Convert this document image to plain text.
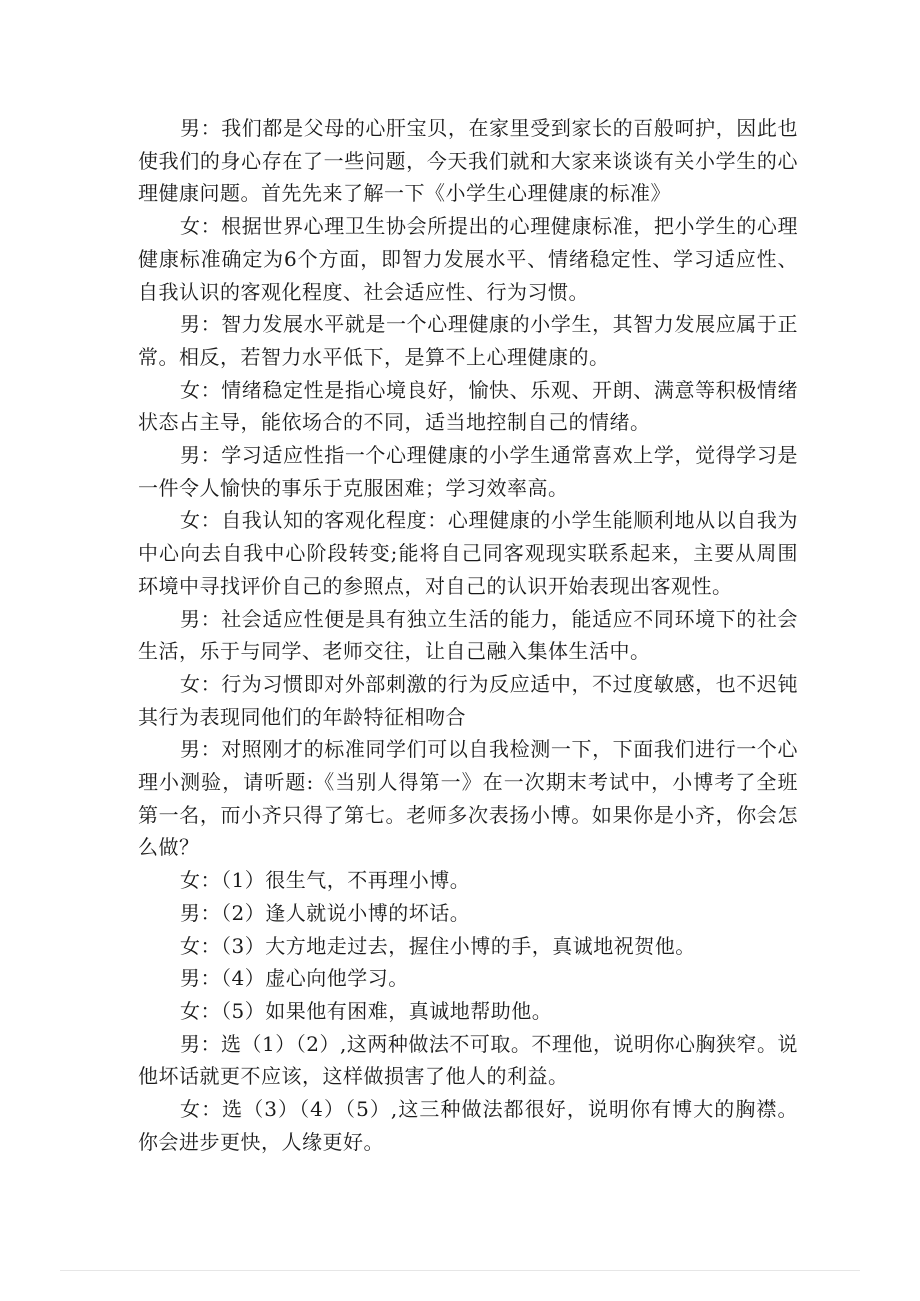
男：我们都是父母的心肝宝贝，在家里受到家长的百般呵护，因此也使我们的身心存在了一些问题，今天我们就和大家来谈谈有关小学生的心理健康问题。首先先来了解一下《小学生心理健康的标准》

女：根据世界心理卫生协会所提出的心理健康标准，把小学生的心理健康标准确定为6个方面，即智力发展水平、情绪稳定性、学习适应性、自我认识的客观化程度、社会适应性、行为习惯。

男：智力发展水平就是一个心理健康的小学生，其智力发展应属于正常。相反，若智力水平低下，是算不上心理健康的。

女：情绪稳定性是指心境良好，愉快、乐观、开朗、满意等积极情绪状态占主导，能依场合的不同，适当地控制自己的情绪。

男：学习适应性指一个心理健康的小学生通常喜欢上学，觉得学习是一件令人愉快的事乐于克服困难；学习效率高。

女：自我认知的客观化程度：心理健康的小学生能顺利地从以自我为中心向去自我中心阶段转变;能将自己同客观现实联系起来，主要从周围环境中寻找评价自己的参照点，对自己的认识开始表现出客观性。

男：社会适应性便是具有独立生活的能力，能适应不同环境下的社会生活，乐于与同学、老师交往，让自己融入集体生活中。

女：行为习惯即对外部刺激的行为反应适中，不过度敏感，也不迟钝其行为表现同他们的年龄特征相吻合

男：对照刚才的标准同学们可以自我检测一下，下面我们进行一个心理小测验，请听题:《当别人得第一》在一次期末考试中，小博考了全班第一名，而小齐只得了第七。老师多次表扬小博。如果你是小齐，你会怎么做？

女：（1）很生气，不再理小博。

男：（2）逢人就说小博的坏话。

女：（3）大方地走过去，握住小博的手，真诚地祝贺他。

男：（4）虚心向他学习。

女：（5）如果他有困难，真诚地帮助他。

男：选（1）（2）,这两种做法不可取。不理他，说明你心胸狭窄。说他坏话就更不应该，这样做损害了他人的利益。

女：选（3）（4）（5）,这三种做法都很好，说明你有博大的胸襟。你会进步更快，人缘更好。
